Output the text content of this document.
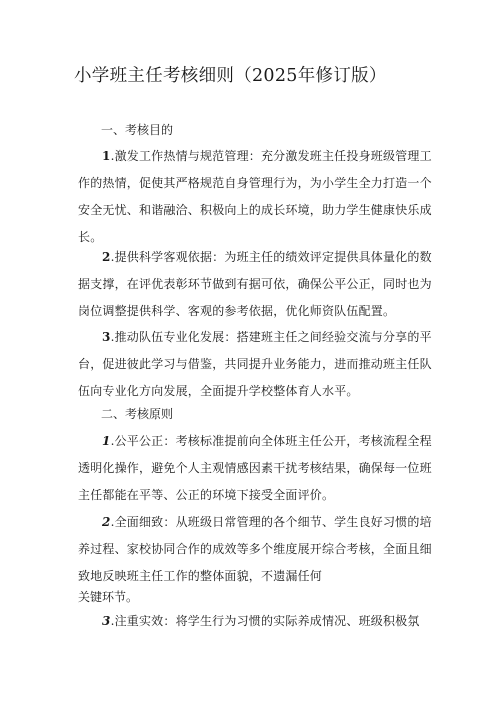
小学班主任考核细则（2025年修订版）
一、考核目的

1.激发工作热情与规范管理：充分激发班主任投身班级管理工作的热情，促使其严格规范自身管理行为，为小学生全力打造一个安全无忧、和谐融洽、积极向上的成长环境，助力学生健康快乐成长。

2.提供科学客观依据：为班主任的绩效评定提供具体量化的数据支撑，在评优表彰环节做到有据可依，确保公平公正，同时也为岗位调整提供科学、客观的参考依据，优化师资队伍配置。

3.推动队伍专业化发展：搭建班主任之间经验交流与分享的平台，促进彼此学习与借鉴，共同提升业务能力，进而推动班主任队伍向专业化方向发展，全面提升学校整体育人水平。

二、考核原则

1.公平公正：考核标准提前向全体班主任公开，考核流程全程透明化操作，避免个人主观情感因素干扰考核结果，确保每一位班主任都能在平等、公正的环境下接受全面评价。

2.全面细致：从班级日常管理的各个细节、学生良好习惯的培养过程、家校协同合作的成效等多个维度展开综合考核，全面且细致地反映班主任工作的整体面貌，不遗漏任何

关键环节。

3.注重实效：将学生行为习惯的实际养成情况、班级积极氛
